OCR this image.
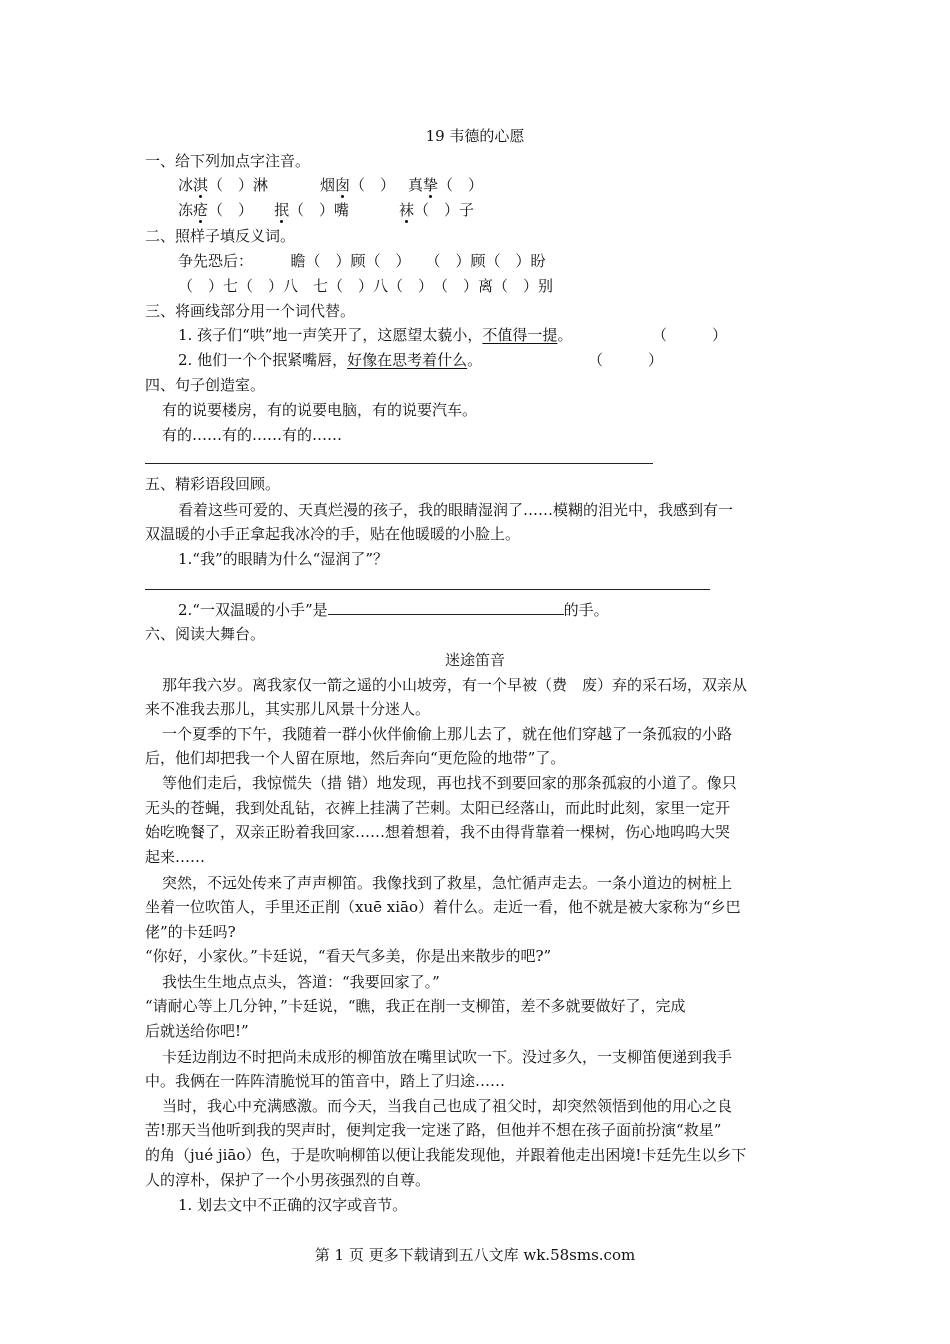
19 韦德的心愿
一、给下列加点字注音。
冰淇（　）淋	烟囱（　） 真挚（　）
冻疮（　） 抿（　）嘴	袜（　）子
二、照样子填反义词。
争先恐后：　　　瞻（　）顾（　）　　（　）顾（　）盼
（　）七（　）八　七（　）八（　）　（　）离（　）别
三、将画线部分用一个词代替。
1. 孩子们“哄”地一声笑开了，这愿望太藐小，不值得一提。	（　　　）
2. 他们一个个抿紧嘴唇，好像在思考着什么。	（　　　）
四、句子创造室。
有的说要楼房，有的说要电脑，有的说要汽车。
有的……有的……有的……
五、精彩语段回顾。
看着这些可爱的、天真烂漫的孩子，我的眼睛湿润了……模糊的泪光中，我感到有一
双温暖的小手正拿起我冰冷的手，贴在他暖暖的小脸上。
1.“我”的眼睛为什么“湿润了”？
2.“一双温暖的小手”是	的手。
六、阅读大舞台。
迷途笛音
那年我六岁。离我家仅一箭之遥的小山坡旁，有一个早被（费　废）弃的采石场，双亲从
来不准我去那儿，其实那儿风景十分迷人。
一个夏季的下午，我随着一群小伙伴偷偷上那儿去了，就在他们穿越了一条孤寂的小路
后，他们却把我一个人留在原地，然后奔向“更危险的地带”了。
等他们走后，我惊慌失（措 错）地发现，再也找不到要回家的那条孤寂的小道了。像只
无头的苍蝇，我到处乱钻，衣裤上挂满了芒刺。太阳已经落山，而此时此刻，家里一定开
始吃晚餐了，双亲正盼着我回家……想着想着，我不由得背靠着一棵树，伤心地呜呜大哭
起来……
突然，不远处传来了声声柳笛。我像找到了救星，急忙循声走去。一条小道边的树桩上
坐着一位吹笛人，手里还正削（xuē xiāo）着什么。走近一看，他不就是被大家称为“乡巴
佬”的卡廷吗?
“你好，小家伙。”卡廷说，“看天气多美，你是出来散步的吧?”
我怯生生地点点头，答道：“我要回家了。”
“请耐心等上几分钟，”卡廷说，“瞧，我正在削一支柳笛，差不多就要做好了，完成
后就送给你吧!”
卡廷边削边不时把尚未成形的柳笛放在嘴里试吹一下。没过多久，一支柳笛便递到我手
中。我俩在一阵阵清脆悦耳的笛音中，踏上了归途……
当时，我心中充满感激。而今天，当我自己也成了祖父时，却突然领悟到他的用心之良
苦!那天当他听到我的哭声时，便判定我一定迷了路，但他并不想在孩子面前扮演“救星”
的角（jué jiāo）色，于是吹响柳笛以便让我能发现他，并跟着他走出困境!卡廷先生以乡下
人的淳朴，保护了一个小男孩强烈的自尊。
1. 划去文中不正确的汉字或音节。
第 1 页 更多下载请到五八文库 wk.58sms.com
